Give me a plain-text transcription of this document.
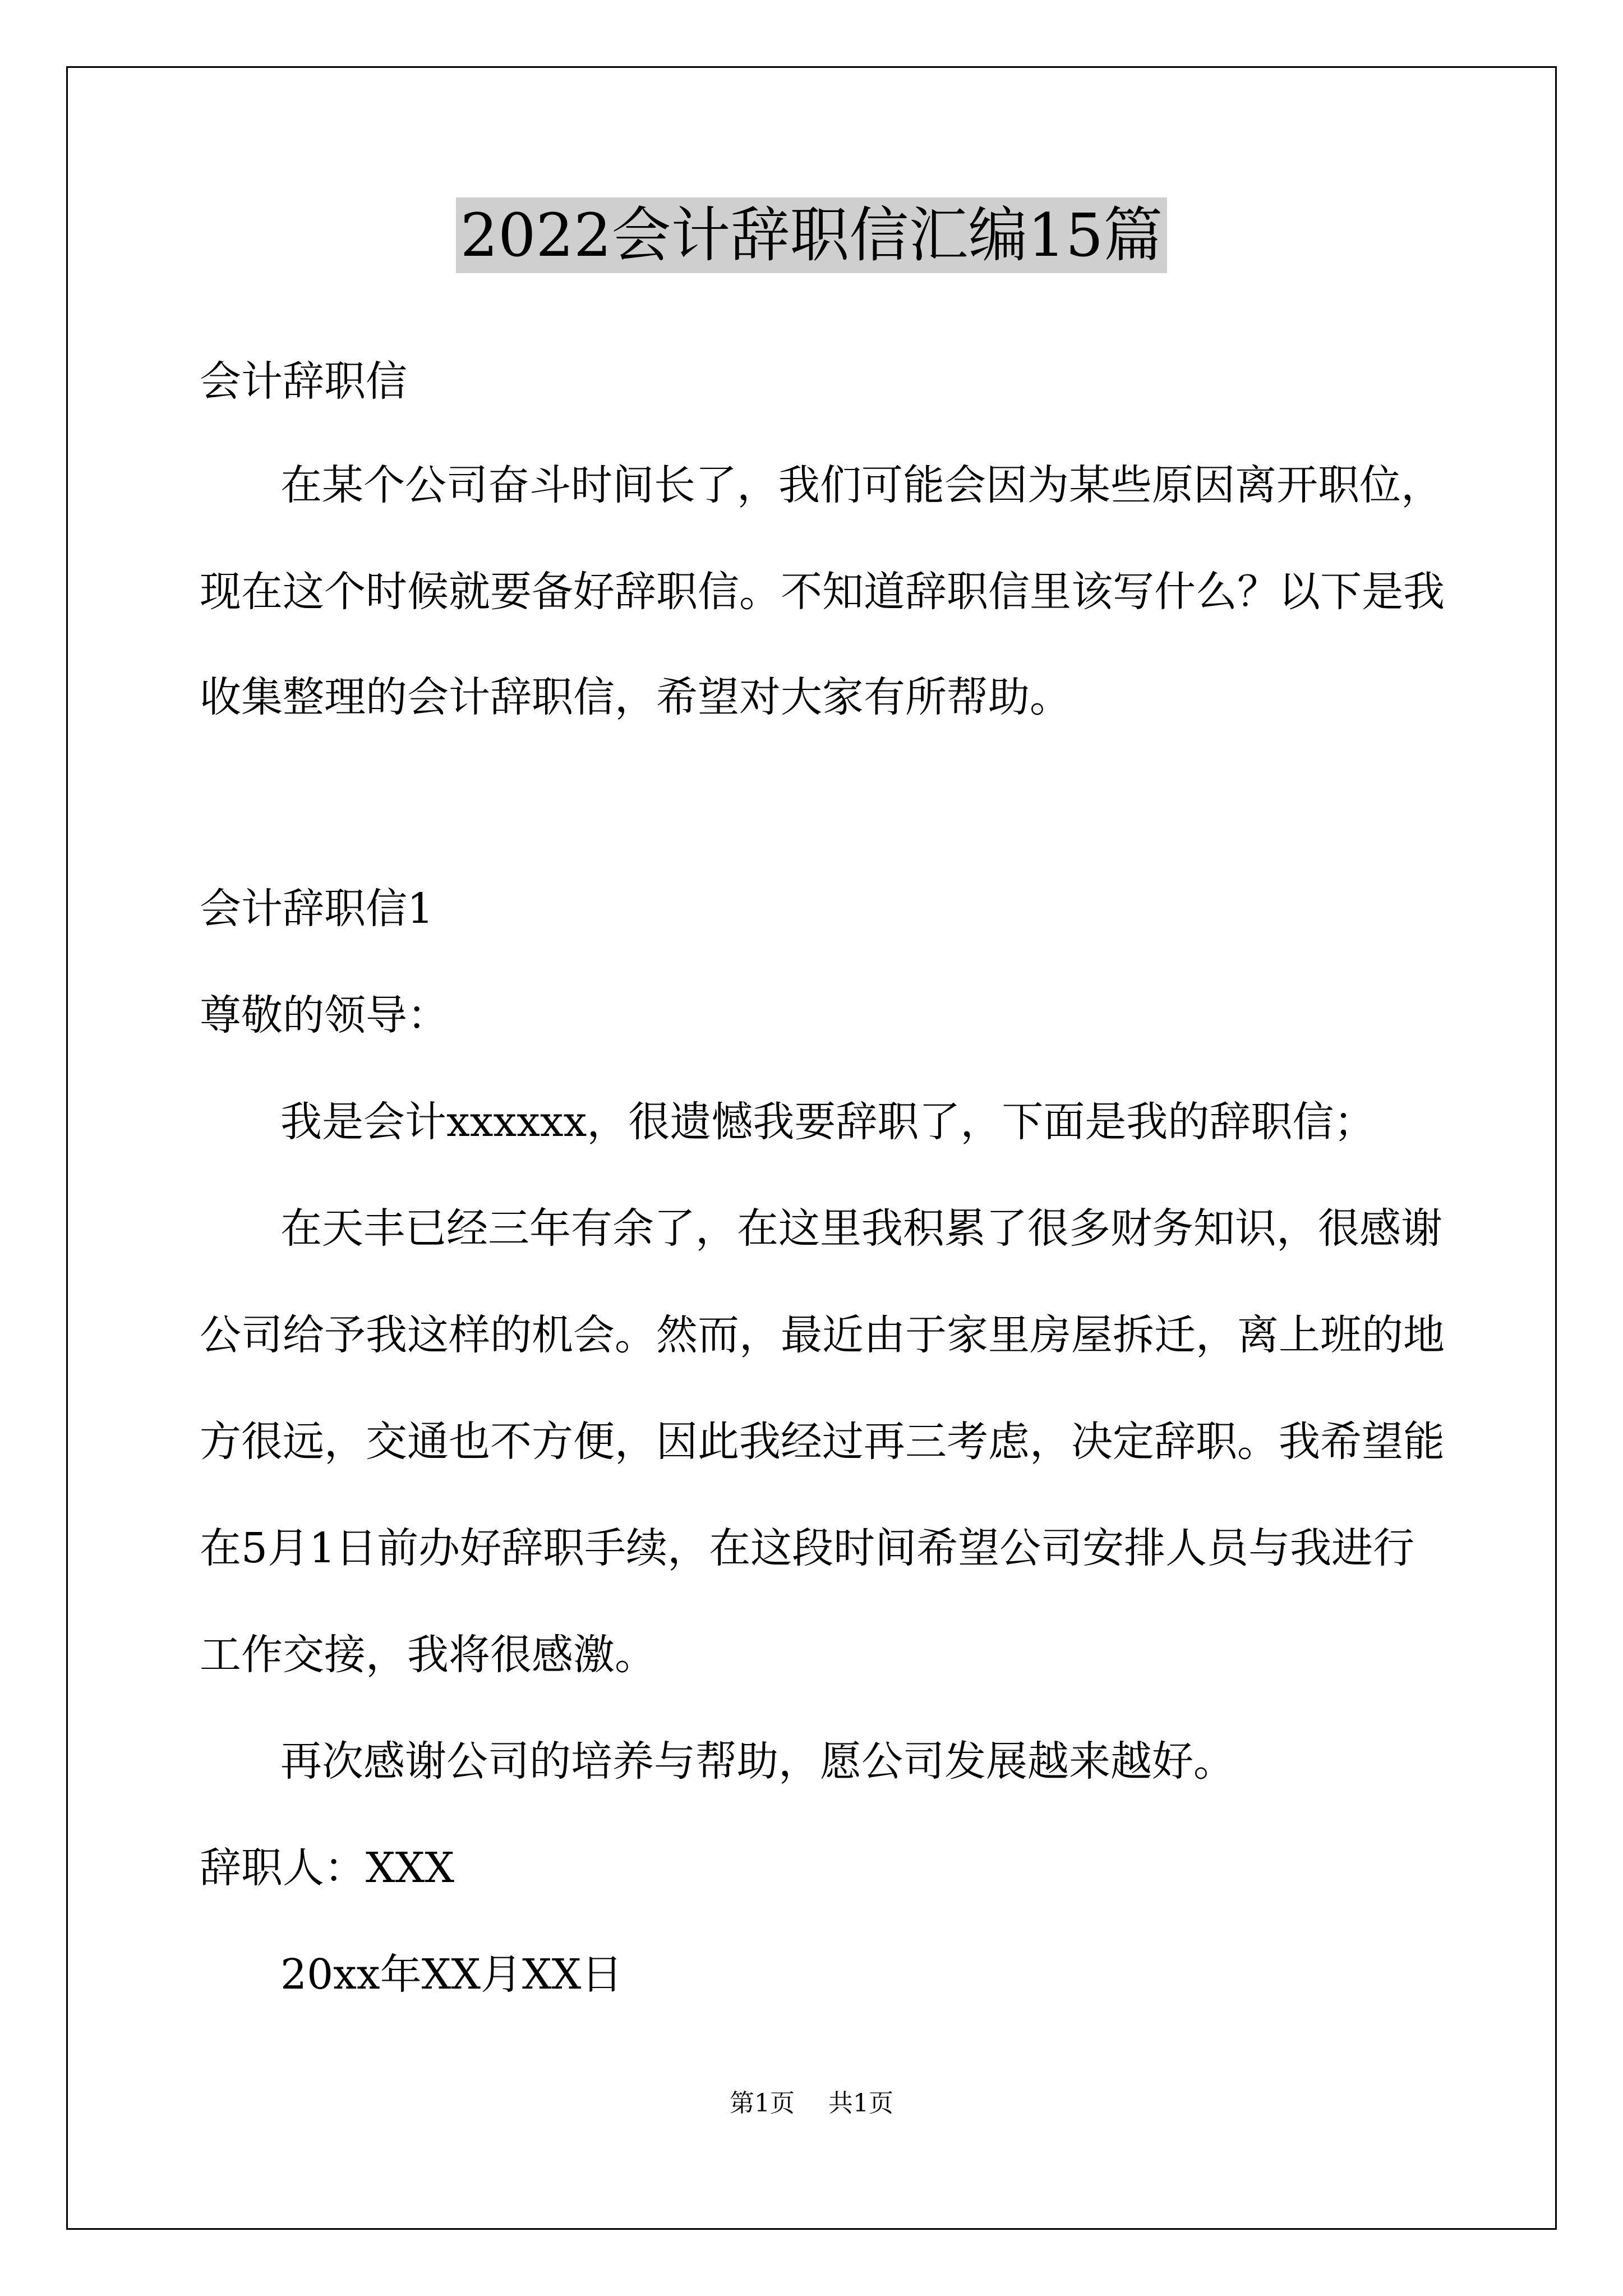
2022会计辞职信汇编15篇
会计辞职信
在某个公司奋斗时间长了，我们可能会因为某些原因离开职位，
现在这个时候就要备好辞职信。不知道辞职信里该写什么？以下是我
收集整理的会计辞职信，希望对大家有所帮助。
会计辞职信1
尊敬的领导：
我是会计xxxxxx，很遗憾我要辞职了，下面是我的辞职信；
在天丰已经三年有余了，在这里我积累了很多财务知识，很感谢
公司给予我这样的机会。然而，最近由于家里房屋拆迁，离上班的地
方很远，交通也不方便，因此我经过再三考虑，决定辞职。我希望能
在5月1日前办好辞职手续，在这段时间希望公司安排人员与我进行
工作交接，我将很感激。
再次感谢公司的培养与帮助，愿公司发展越来越好。
辞职人：XXX
20xx年XX月XX日
第1页 共1页
